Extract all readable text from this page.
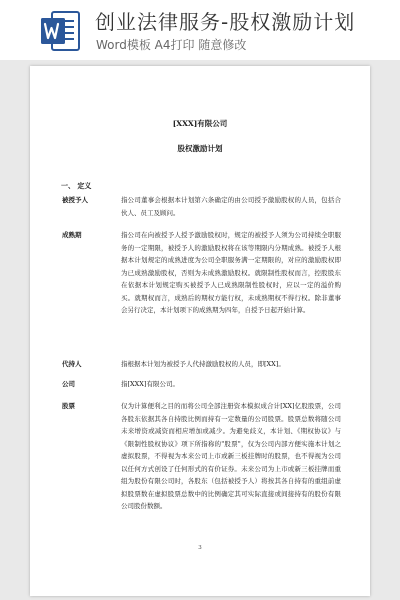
创业法律服务-股权激励计划
Word模板 A4打印 随意修改
[XXX]有限公司
股权激励计划
一、 定义
被授予人	指公司董事会根据本计划第六条确定的由公司授予激励股权的人员，包括合伙人、员工及顾问。
成熟期	指公司在向被授予人授予激励股权时，规定的被授予人须为公司持续全职服务的一定期限，被授予人的激励股权将在该等期限内分期成熟。被授予人根据本计划规定的成熟进度为公司全职服务满一定期限的，对应的激励股权即为已成熟激励股权，否则为未成熟激励股权。就限制性股权而言，控股股东在依据本计划规定购买被授予人已成熟限制性股权时，应以一定的溢价购买。就期权而言，成熟后的期权方能行权，未成熟期权不得行权。除非董事会另行决定，本计划项下的成熟期为四年，自授予日起开始计算。
代持人	指根据本计划为被授予人代持激励股权的人员，即[XX]。
公司	指[XXX]有限公司。
股票	仅为计算便利之目的而将公司全部注册资本模拟成合计[XX]亿股股票，公司各股东依据其各自持股比例而持有一定数量的公司股票。股票总数将随公司未来增资或减资而相应增加或减少。为避免歧义，本计划、《期权协议》与《限制性股权协议》项下所指称的"股票"，仅为公司内部方便实施本计划之虚拟股票，不得视为本来公司上市或新三板挂牌时的股票，也不得视为公司以任何方式创设了任何形式的有价证券。未来公司为上市或新三板挂牌而重组为股份有限公司时，各股东（包括被授予人）将按其各自持有的重组前虚拟股票数在虚拟股票总数中的比例确定其可实际直接或间接持有的股份有限公司股份数额。
3
